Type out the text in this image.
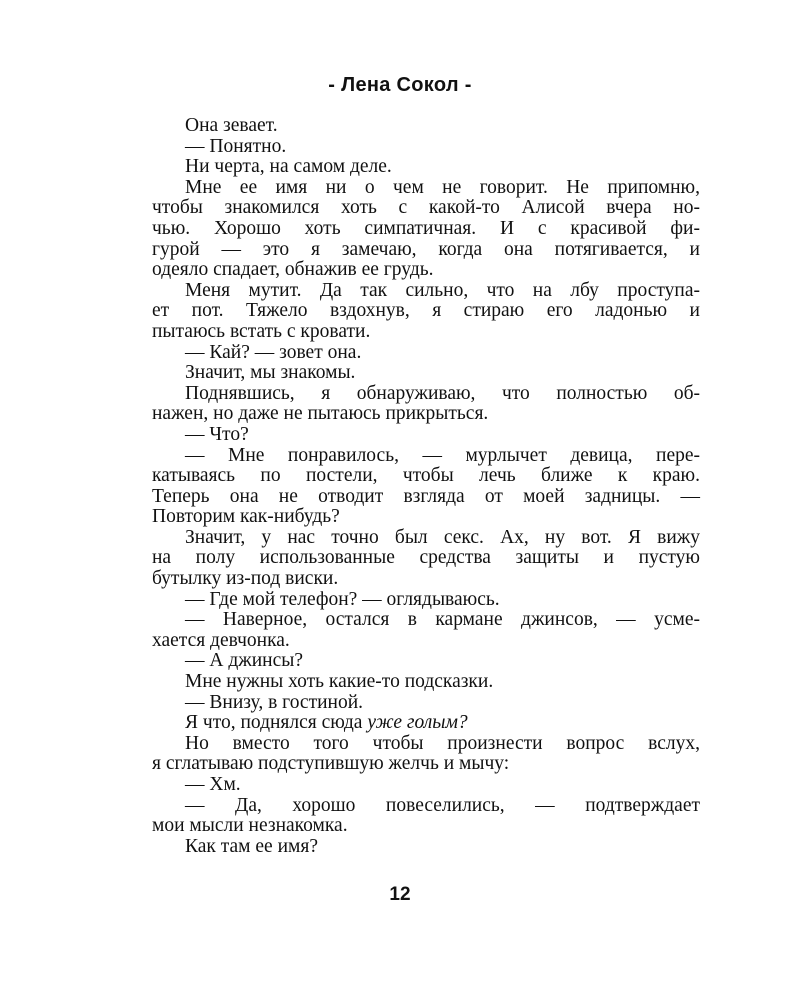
- Лена Сокол -
Она зевает.
— Понятно.
Ни черта, на самом деле.
Мне ее имя ни о чем не говорит. Не припомню,
чтобы знакомился хоть с какой-то Алисой вчера но-
чью. Хорошо хоть симпатичная. И с красивой фи-
гурой — это я замечаю, когда она потягивается, и
одеяло спадает, обнажив ее грудь.
Меня мутит. Да так сильно, что на лбу проступа-
ет пот. Тяжело вздохнув, я стираю его ладонью и
пытаюсь встать с кровати.
— Кай? — зовет она.
Значит, мы знакомы.
Поднявшись, я обнаруживаю, что полностью об-
нажен, но даже не пытаюсь прикрыться.
— Что?
— Мне понравилось, — мурлычет девица, пере-
катываясь по постели, чтобы лечь ближе к краю.
Теперь она не отводит взгляда от моей задницы. —
Повторим как-нибудь?
Значит, у нас точно был секс. Ах, ну вот. Я вижу
на полу использованные средства защиты и пустую
бутылку из-под виски.
— Где мой телефон? — оглядываюсь.
— Наверное, остался в кармане джинсов, — усме-
хается девчонка.
— А джинсы?
Мне нужны хоть какие-то подсказки.
— Внизу, в гостиной.
Я что, поднялся сюда уже голым?
Но вместо того чтобы произнести вопрос вслух,
я сглатываю подступившую желчь и мычу:
— Хм.
— Да, хорошо повеселились, — подтверждает
мои мысли незнакомка.
Как там ее имя?
12
